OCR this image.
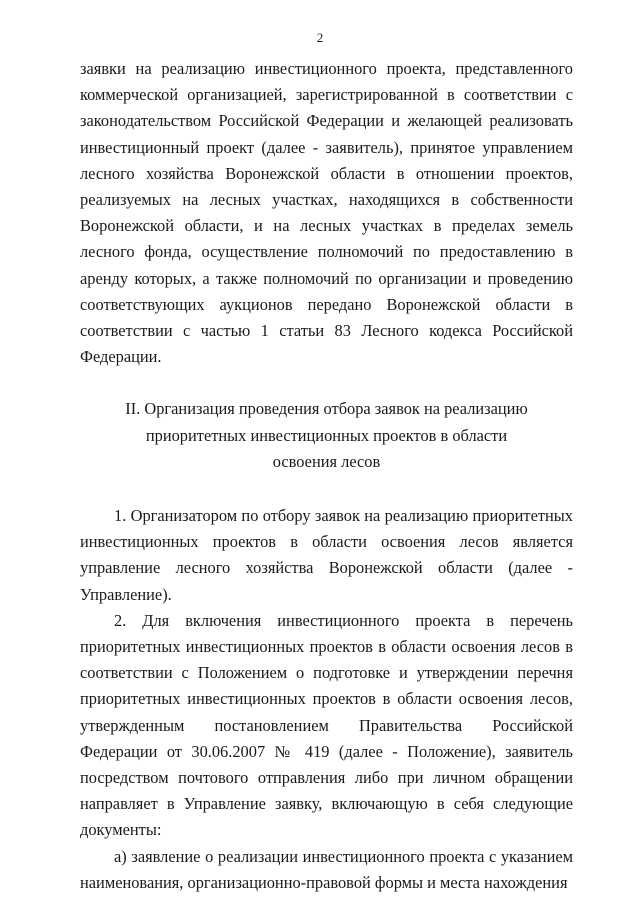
2

заявки на реализацию инвестиционного проекта, представленного коммерческой организацией, зарегистрированной в соответствии с законодательством Российской Федерации и желающей реализовать инвестиционный проект (далее - заявитель), принятое управлением лесного хозяйства Воронежской области в отношении проектов, реализуемых на лесных участках, находящихся в собственности Воронежской области, и на лесных участках в пределах земель лесного фонда, осуществление полномочий по предоставлению в аренду которых, а также полномочий по организации и проведению соответствующих аукционов передано Воронежской области в соответствии с частью 1 статьи 83 Лесного кодекса Российской Федерации.

II. Организация проведения отбора заявок на реализацию

приоритетных инвестиционных проектов в области

освоения лесов

1. Организатором по отбору заявок на реализацию приоритетных инвестиционных проектов в области освоения лесов является управление лесного хозяйства Воронежской области (далее - Управление).

2. Для включения инвестиционного проекта в перечень приоритетных инвестиционных проектов в области освоения лесов в соответствии с Положением о подготовке и утверждении перечня приоритетных инвестиционных проектов в области освоения лесов, утвержденным постановлением Правительства Российской Федерации от 30.06.2007 № 419 (далее - Положение), заявитель посредством почтового отправления либо при личном обращении направляет в Управление заявку, включающую в себя следующие документы:

а) заявление о реализации инвестиционного проекта с указанием наименования, организационно-правовой формы и места нахождения
